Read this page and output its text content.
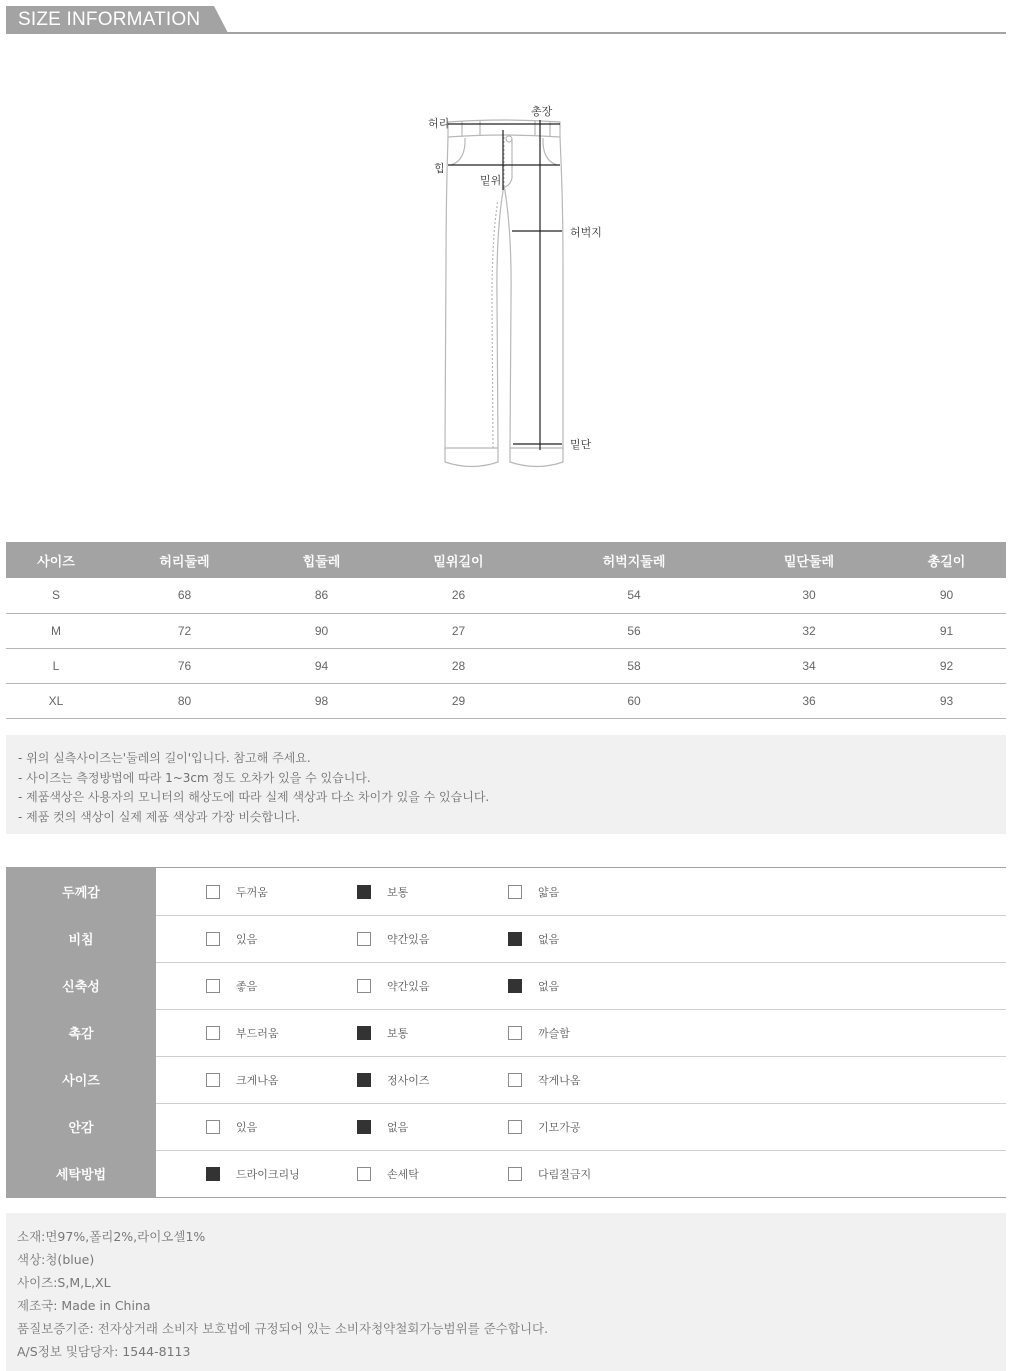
SIZE INFORMATION
허리
총장
힙
밑위
허벅지
밑단
사이즈	허리둘레	힙둘레	밑위길이	허벅지둘레	밑단둘레	총길이
S	68	86	26	54	30	90
M	72	90	27	56	32	91
L	76	94	28	58	34	92
XL	80	98	29	60	36	93
- 위의 실측사이즈는'둘레의 길이'입니다. 참고해 주세요.
- 사이즈는 측정방법에 따라 1~3cm 정도 오차가 있을 수 있습니다.
- 제품색상은 사용자의 모니터의 해상도에 따라 실제 색상과 다소 차이가 있을 수 있습니다.
- 제품 컷의 색상이 실제 제품 색상과 가장 비슷합니다.
두께감	두꺼움	보통	얇음
비침	있음	약간있음	없음
신축성	좋음	약간있음	없음
촉감	부드러움	보통	까슬함
사이즈	크게나옴	정사이즈	작게나옴
안감	있음	없음	기모가공
세탁방법	드라이크리닝	손세탁	다림질금지
소재:면97%,폴리2%,라이오셀1%
색상:청(blue)
사이즈:S,M,L,XL
제조국: Made in China
품질보증기준: 전자상거래 소비자 보호법에 규정되어 있는 소비자청약철회가능범위를 준수합니다.
A/S정보 및담당자: 1544-8113
